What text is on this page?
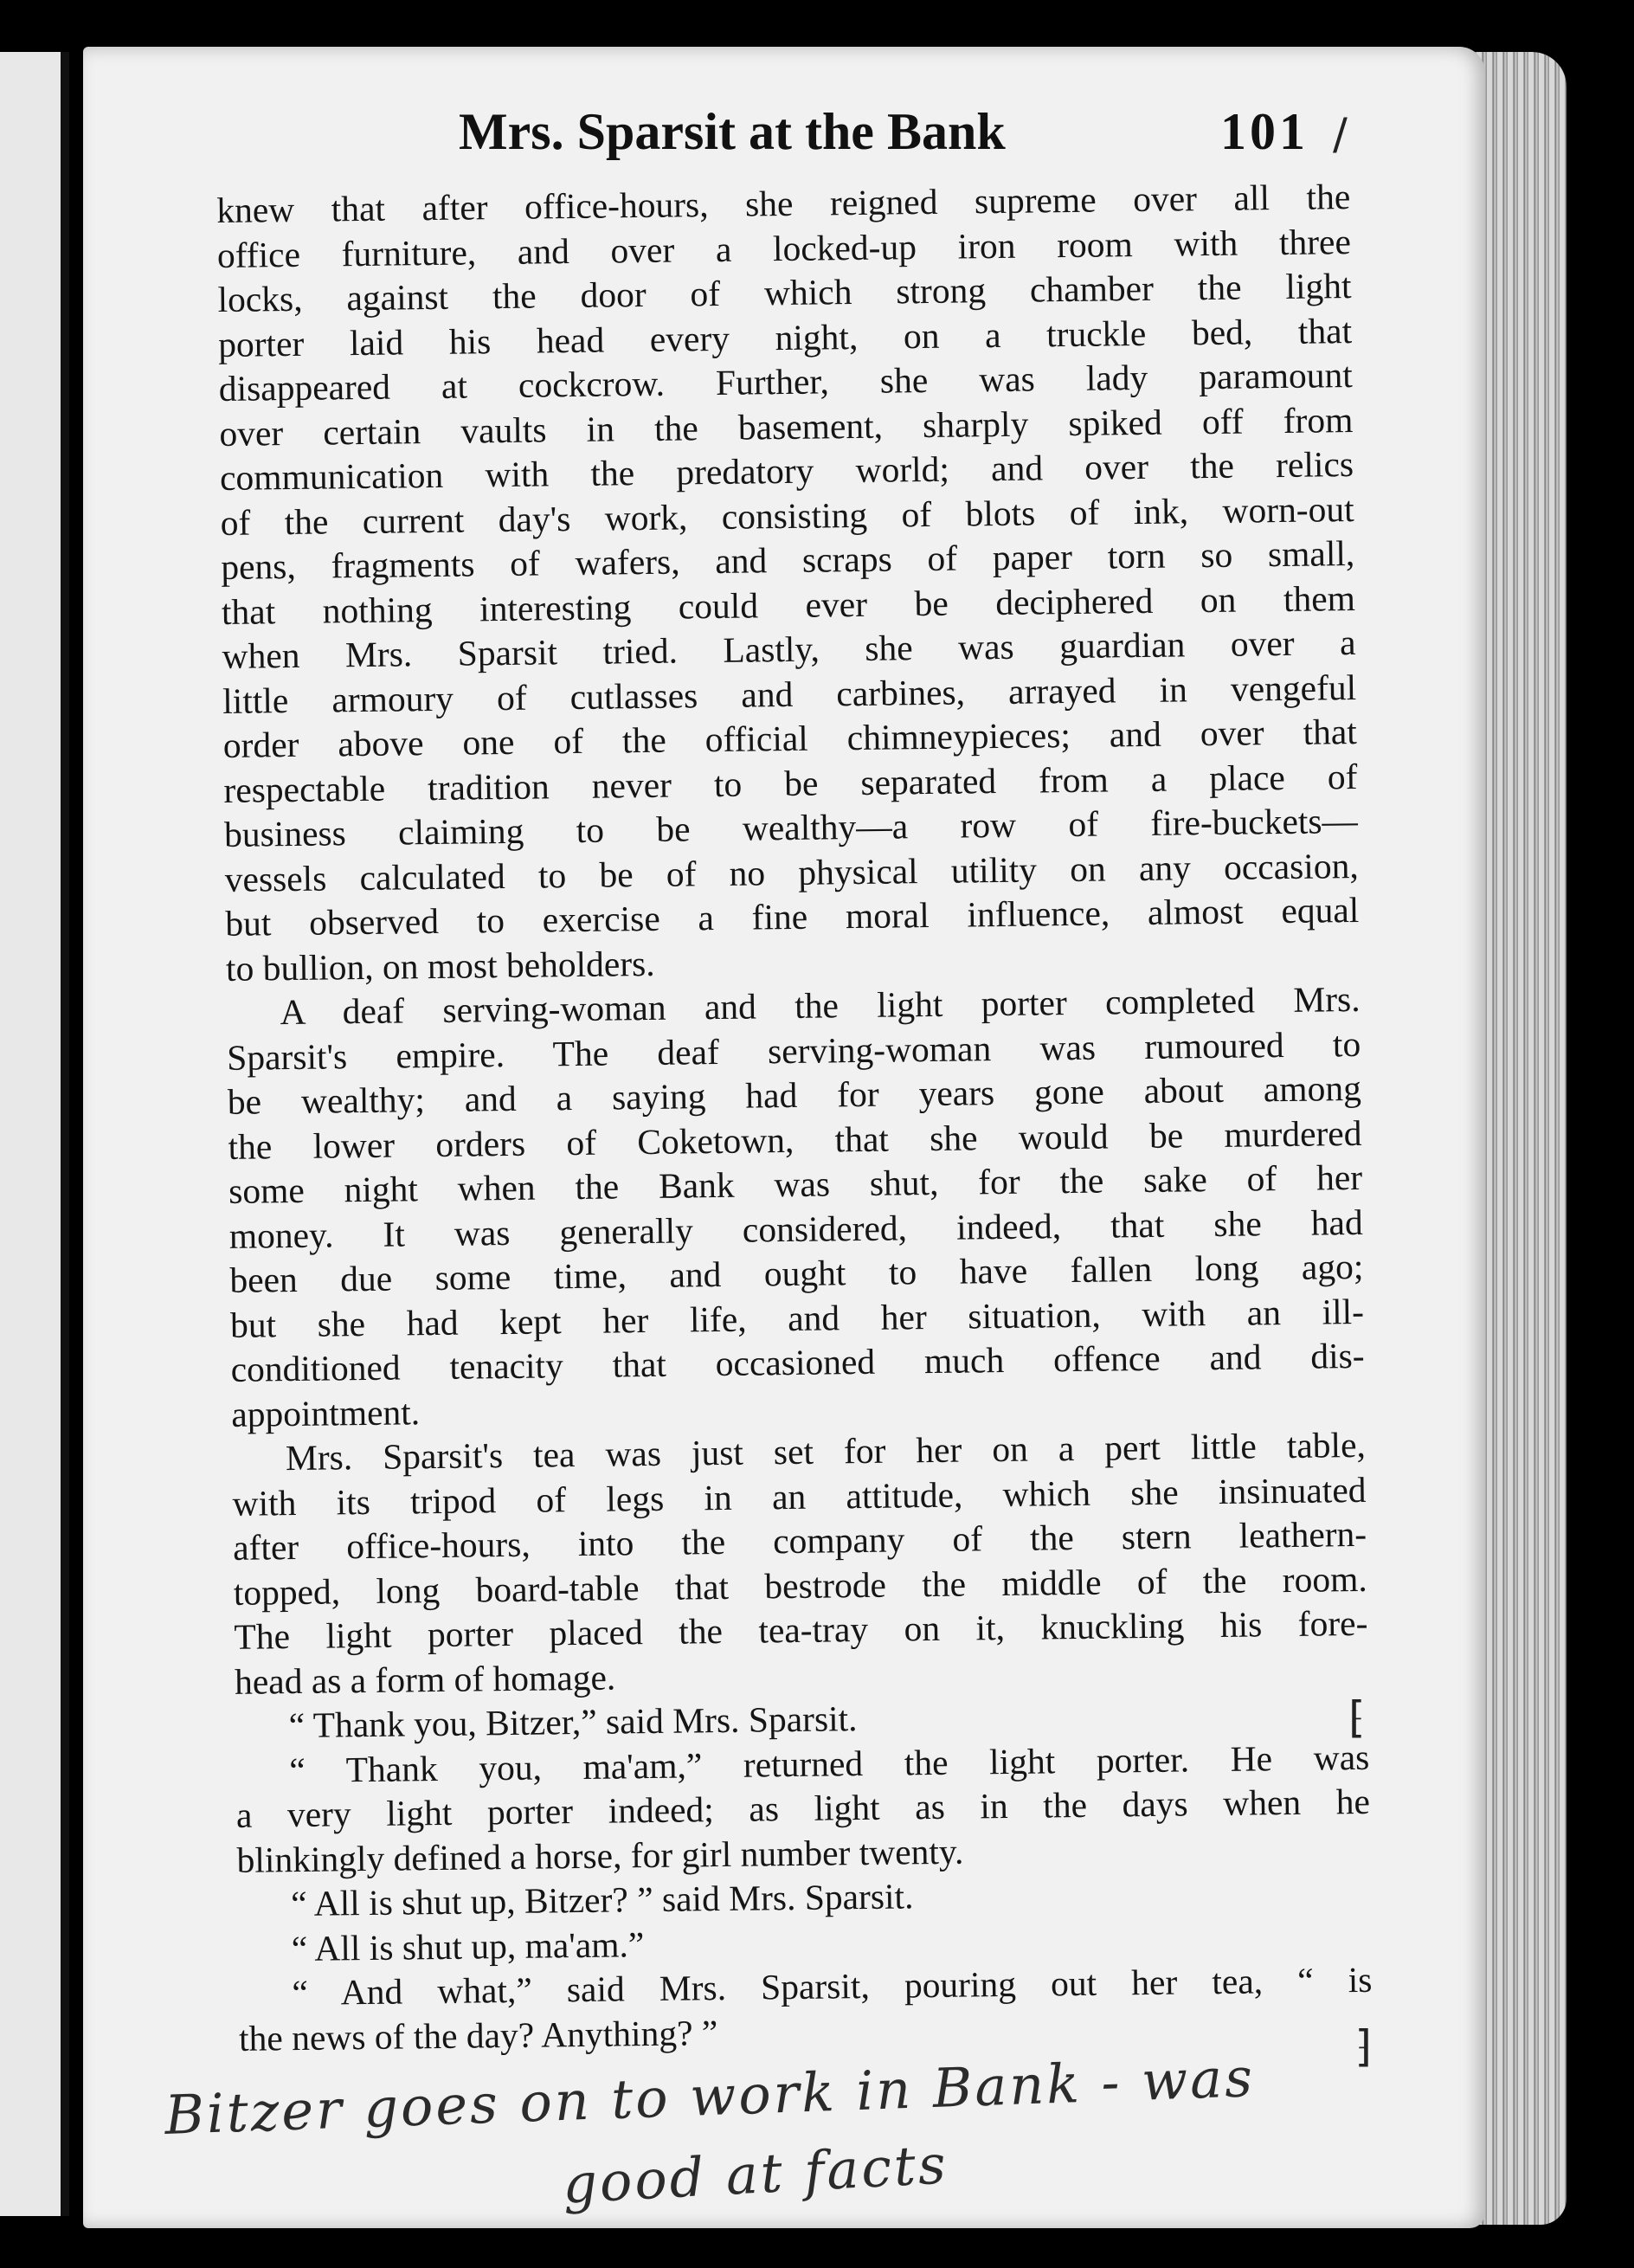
Mrs. Sparsit at the Bank	101 /
knew that after office-hours, she reigned supreme over all the
office furniture, and over a locked-up iron room with three
locks, against the door of which strong chamber the light
porter laid his head every night, on a truckle bed, that
disappeared at cockcrow. Further, she was lady paramount
over certain vaults in the basement, sharply spiked off from
communication with the predatory world; and over the relics
of the current day's work, consisting of blots of ink, worn-out
pens, fragments of wafers, and scraps of paper torn so small,
that nothing interesting could ever be deciphered on them
when Mrs. Sparsit tried. Lastly, she was guardian over a
little armoury of cutlasses and carbines, arrayed in vengeful
order above one of the official chimneypieces; and over that
respectable tradition never to be separated from a place of
business claiming to be wealthy—a row of fire-buckets—
vessels calculated to be of no physical utility on any occasion,
but observed to exercise a fine moral influence, almost equal
to bullion, on most beholders.
A deaf serving-woman and the light porter completed Mrs.
Sparsit's empire. The deaf serving-woman was rumoured to
be wealthy; and a saying had for years gone about among
the lower orders of Coketown, that she would be murdered
some night when the Bank was shut, for the sake of her
money. It was generally considered, indeed, that she had
been due some time, and ought to have fallen long ago;
but she had kept her life, and her situation, with an ill-
conditioned tenacity that occasioned much offence and dis-
appointment.
Mrs. Sparsit's tea was just set for her on a pert little table,
with its tripod of legs in an attitude, which she insinuated
after office-hours, into the company of the stern leathern-
topped, long board-table that bestrode the middle of the room.
The light porter placed the tea-tray on it, knuckling his fore-
head as a form of homage.
“ Thank you, Bitzer,” said Mrs. Sparsit.
“ Thank you, ma'am,” returned the light porter. He was
a very light porter indeed; as light as in the days when he
blinkingly defined a horse, for girl number twenty.
“ All is shut up, Bitzer? ” said Mrs. Sparsit.
“ All is shut up, ma'am.”
“ And what,” said Mrs. Sparsit, pouring out her tea, “ is
the news of the day? Anything? ”
⁅
⁆
Bitzer goes on to work in Bank - was
good at facts
